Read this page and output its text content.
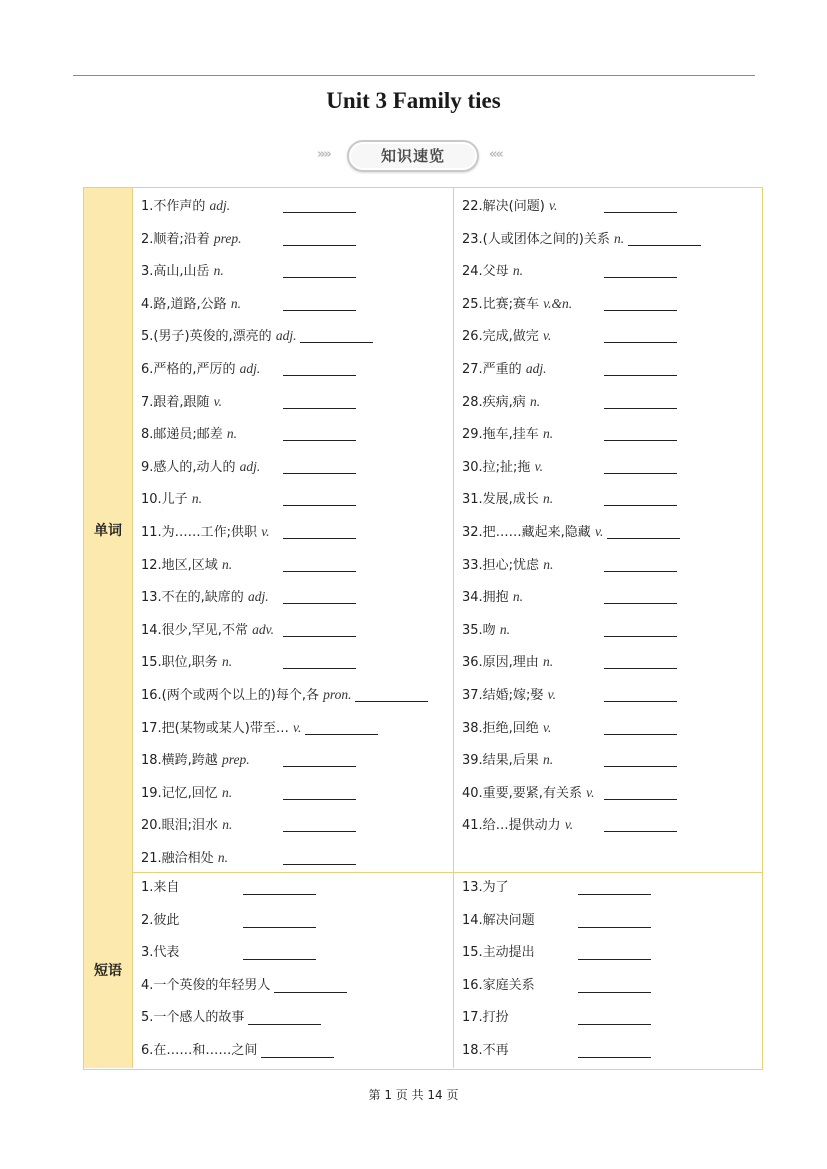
Unit 3 Family ties
»»	知识速览	««
单词
1.不作声的 adj.
2.顺着;沿着 prep.
3.高山,山岳 n.
4.路,道路,公路 n.
5.(男子)英俊的,漂亮的 adj.
6.严格的,严厉的 adj.
7.跟着,跟随 v.
8.邮递员;邮差 n.
9.感人的,动人的 adj.
10.儿子 n.
11.为……工作;供职 v.
12.地区,区域 n.
13.不在的,缺席的 adj.
14.很少,罕见,不常 adv.
15.职位,职务 n.
16.(两个或两个以上的)每个,各 pron.
17.把(某物或某人)带至… v.
18.横跨,跨越 prep.
19.记忆,回忆 n.
20.眼泪;泪水 n.
21.融洽相处 n.
22.解决(问题) v.
23.(人或团体之间的)关系 n.
24.父母 n.
25.比赛;赛车 v.&n.
26.完成,做完 v.
27.严重的 adj.
28.疾病,病 n.
29.拖车,挂车 n.
30.拉;扯;拖 v.
31.发展,成长 n.
32.把……藏起来,隐藏 v.
33.担心;忧虑 n.
34.拥抱 n.
35.吻 n.
36.原因,理由 n.
37.结婚;嫁;娶 v.
38.拒绝,回绝 v.
39.结果,后果 n.
40.重要,要紧,有关系 v.
41.给…提供动力 v.
短语
1.来自
2.彼此
3.代表
4.一个英俊的年轻男人
5.一个感人的故事
6.在……和……之间
13.为了
14.解决问题
15.主动提出
16.家庭关系
17.打扮
18.不再
第 1 页 共 14 页
